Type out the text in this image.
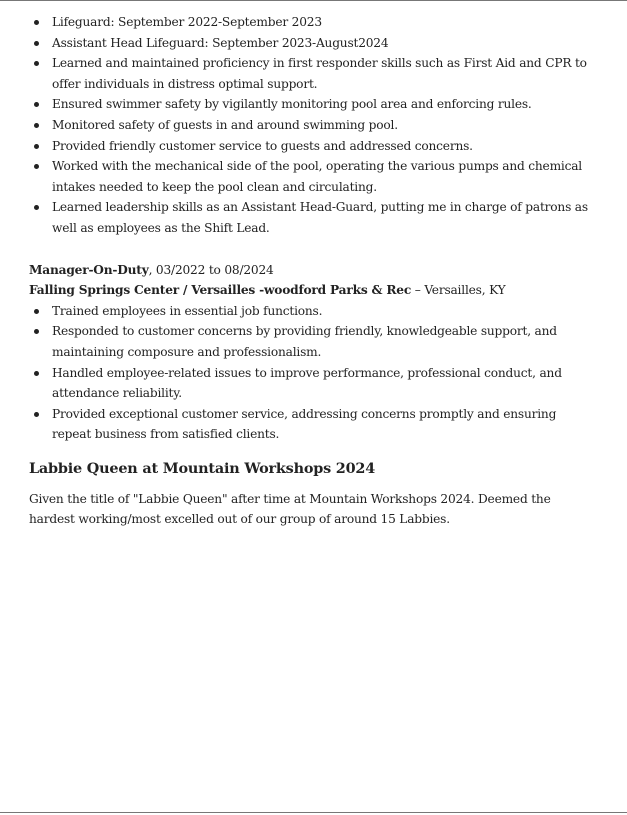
Lifeguard: September 2022-September 2023
Assistant Head Lifeguard: September 2023-August2024
Learned and maintained proficiency in first responder skills such as First Aid and CPR to offer individuals in distress optimal support.
Ensured swimmer safety by vigilantly monitoring pool area and enforcing rules.
Monitored safety of guests in and around swimming pool.
Provided friendly customer service to guests and addressed concerns.
Worked with the mechanical side of the pool, operating the various pumps and chemical intakes needed to keep the pool clean and circulating.
Learned leadership skills as an Assistant Head-Guard, putting me in charge of patrons as well as employees as the Shift Lead.
Manager-On-Duty, 03/2022 to 08/2024
Falling Springs Center / Versailles -woodford Parks & Rec – Versailles, KY
Trained employees in essential job functions.
Responded to customer concerns by providing friendly, knowledgeable support, and maintaining composure and professionalism.
Handled employee-related issues to improve performance, professional conduct, and attendance reliability.
Provided exceptional customer service, addressing concerns promptly and ensuring repeat business from satisfied clients.
Labbie Queen at Mountain Workshops 2024

Given the title of "Labbie Queen" after time at Mountain Workshops 2024. Deemed the hardest working/most excelled out of our group of around 15 Labbies.
